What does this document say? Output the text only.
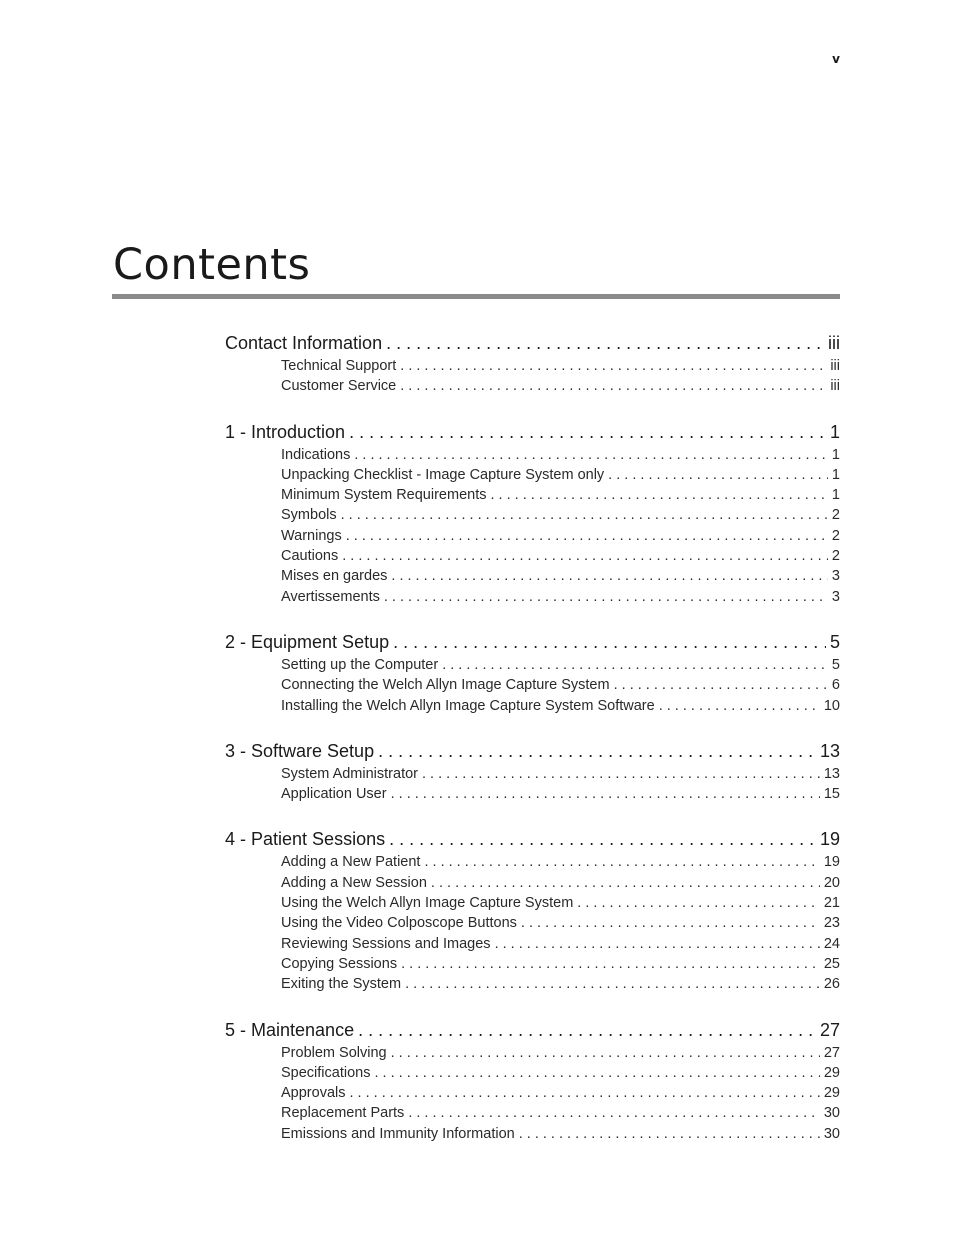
v
Contents
Contact Information . . .	iii
Technical Support . . .	iii
Customer Service . . .	iii
1 - Introduction . . .	1
Indications . . .	1
Unpacking Checklist - Image Capture System only . . .	1
Minimum System Requirements . . .	1
Symbols . . .	2
Warnings . . .	2
Cautions . . .	2
Mises en gardes . . .	3
Avertissements . . .	3
2 - Equipment Setup . . .	5
Setting up the Computer . . .	5
Connecting the Welch Allyn Image Capture System . . .	6
Installing the Welch Allyn Image Capture System Software . . .	10
3 - Software Setup . . .	13
System Administrator . . .	13
Application User . . .	15
4 - Patient Sessions . . .	19
Adding a New Patient . . .	19
Adding a New Session . . .	20
Using the Welch Allyn Image Capture System . . .	21
Using the Video Colposcope Buttons . . .	23
Reviewing Sessions and Images . . .	24
Copying Sessions . . .	25
Exiting the System . . .	26
5 - Maintenance . . .	27
Problem Solving . . .	27
Specifications . . .	29
Approvals . . .	29
Replacement Parts . . .	30
Emissions and Immunity Information . . .	30
